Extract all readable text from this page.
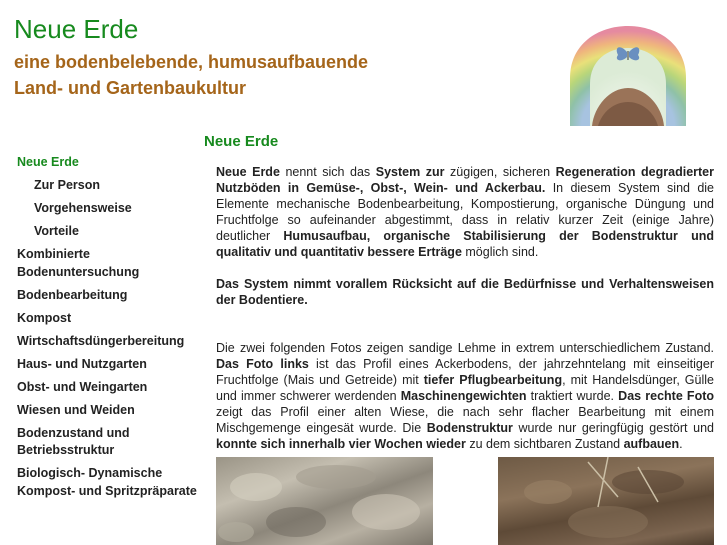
Neue Erde

eine bodenbelebende, humusaufbauende

Land- und Gartenbaukultur

Neue Erde
Zur Person
Vorgehensweise
Vorteile
Kombinierte Bodenuntersuchung
Bodenbearbeitung
Kompost
Wirtschaftsdüngerbereitung
Haus- und Nutzgarten
Obst- und Weingarten
Wiesen und Weiden
Bodenzustand und Betriebsstruktur
Biologisch- Dynamische Kompost- und Spritzpräparate
Neue Erde

Neue Erde nennt sich das System zur zügigen, sicheren Regeneration degradierter Nutzböden in Gemüse-, Obst-, Wein- und Ackerbau. In diesem System sind die Elemente mechanische Bodenbearbeitung, Kompostierung, organische Düngung und Fruchtfolge so aufeinander abgestimmt, dass in relativ kurzer Zeit (einige Jahre) deutlicher Humusaufbau, organische Stabilisierung der Bodenstruktur und qualitativ und quantitativ bessere Erträge möglich sind.

Das System nimmt vorallem Rücksicht auf die Bedürfnisse und Verhaltensweisen der Bodentiere.

Die zwei folgenden Fotos zeigen sandige Lehme in extrem unterschiedlichem Zustand. Das Foto links ist das Profil eines Ackerbodens, der jahrzehntelang mit einseitiger Fruchtfolge (Mais und Getreide) mit tiefer Pflugbearbeitung, mit Handelsdünger, Gülle und immer schwerer werdenden Maschinengewichten traktiert wurde. Das rechte Foto zeigt das Profil einer alten Wiese, die nach sehr flacher Bearbeitung mit einem Mischgemenge eingesät wurde. Die Bodenstruktur wurde nur geringfügig gestört und konnte sich innerhalb vier Wochen wieder zu dem sichtbaren Zustand aufbauen.
